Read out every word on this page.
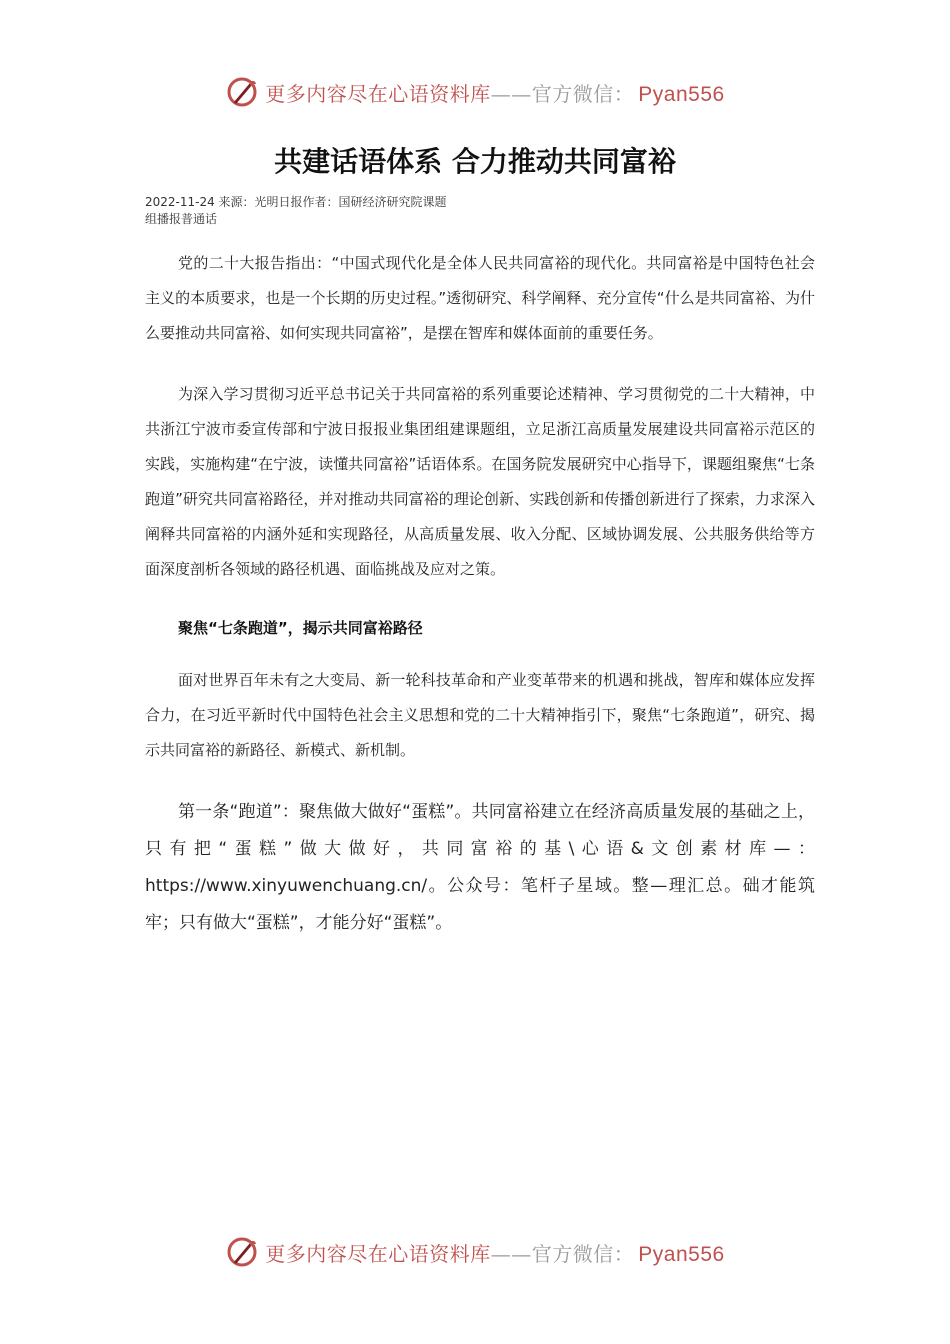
更多内容尽在心语资料库——官方微信： Pyan556
共建话语体系 合力推动共同富裕
2022-11-24 来源：光明日报作者：国研经济研究院课题
组播报普通话

党的二十大报告指出：“中国式现代化是全体人民共同富裕的现代化。共同富裕是中国特色社会主义的本质要求，也是一个长期的历史过程。”透彻研究、科学阐释、充分宣传“什么是共同富裕、为什么要推动共同富裕、如何实现共同富裕”，是摆在智库和媒体面前的重要任务。

为深入学习贯彻习近平总书记关于共同富裕的系列重要论述精神、学习贯彻党的二十大精神，中共浙江宁波市委宣传部和宁波日报报业集团组建课题组，立足浙江高质量发展建设共同富裕示范区的实践，实施构建“在宁波，读懂共同富裕”话语体系。在国务院发展研究中心指导下，课题组聚焦“七条跑道”研究共同富裕路径，并对推动共同富裕的理论创新、实践创新和传播创新进行了探索，力求深入阐释共同富裕的内涵外延和实现路径，从高质量发展、收入分配、区域协调发展、公共服务供给等方面深度剖析各领域的路径机遇、面临挑战及应对之策。

聚焦“七条跑道”，揭示共同富裕路径

面对世界百年未有之大变局、新一轮科技革命和产业变革带来的机遇和挑战，智库和媒体应发挥合力，在习近平新时代中国特色社会主义思想和党的二十大精神指引下，聚焦“七条跑道”，研究、揭示共同富裕的新路径、新模式、新机制。

第一条“跑道”：聚焦做大做好“蛋糕”。共同富裕建立在经济高质量发展的基础之上， 只有把“蛋糕”做大做好，共同富裕的基\心语&文创素材库—：https://www.xinyuwenchuang.cn/。公众号：笔杆子星域。整—理汇总。础才能筑牢；只有做大“蛋糕”，才能分好“蛋糕”。

更多内容尽在心语资料库——官方微信： Pyan556
